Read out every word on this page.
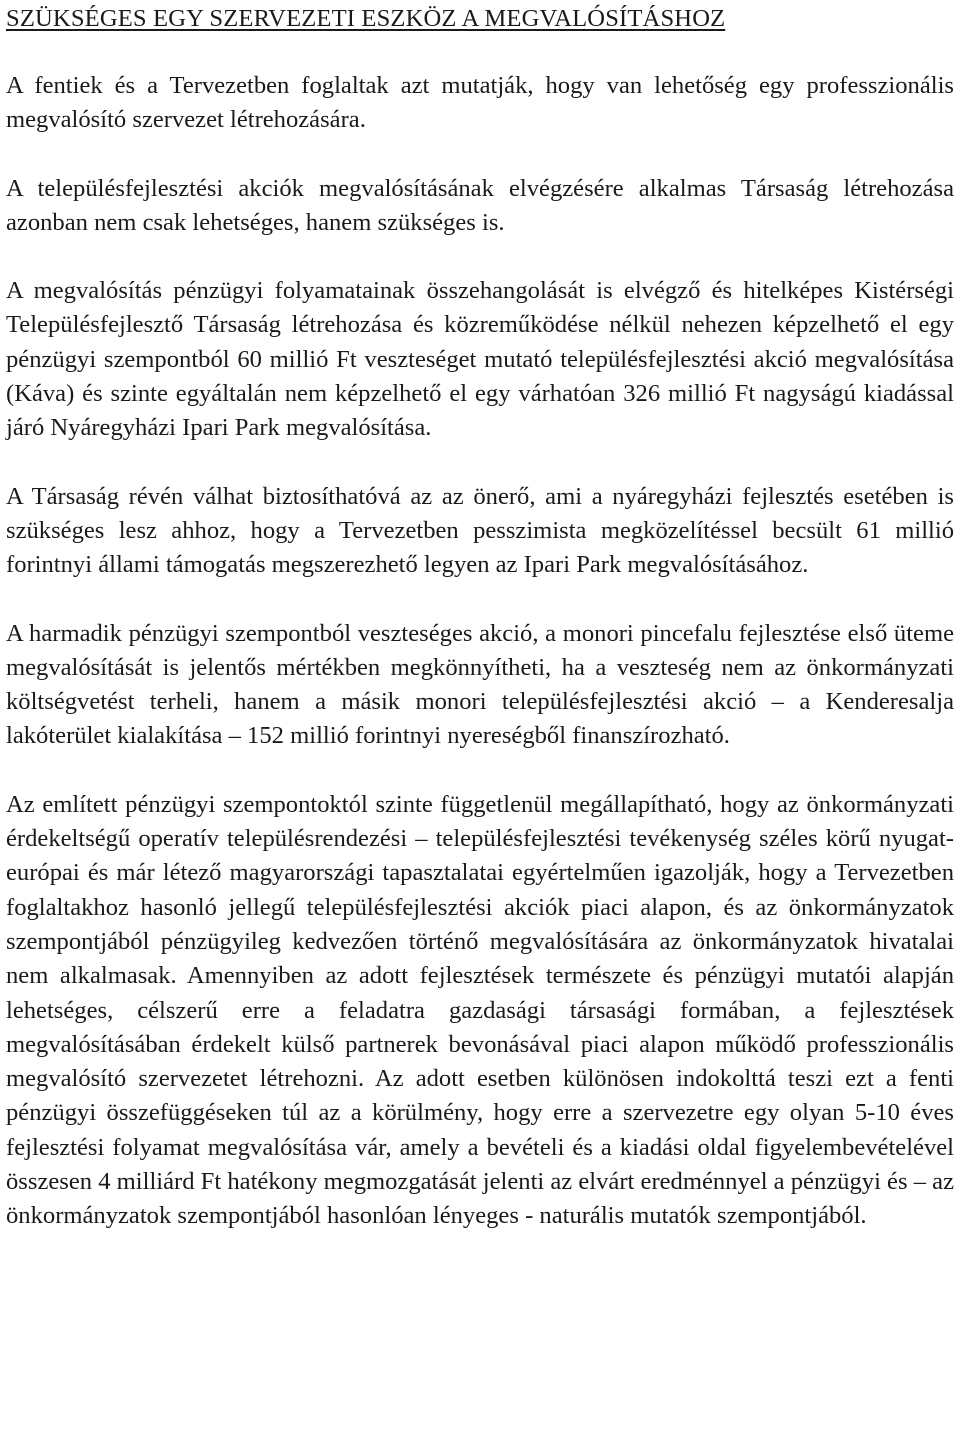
SZÜKSÉGES EGY SZERVEZETI ESZKÖZ A MEGVALÓSÍTÁSHOZ

A fentiek és a Tervezetben foglaltak azt mutatják, hogy van lehetőség egy professzionális megvalósító szervezet létrehozására.

A településfejlesztési akciók megvalósításának elvégzésére alkalmas Társaság létrehozása azonban nem csak lehetséges, hanem szükséges is.

A megvalósítás pénzügyi folyamatainak összehangolását is elvégző és hitelképes Kistérségi Településfejlesztő Társaság létrehozása és közreműködése nélkül nehezen képzelhető el egy pénzügyi szempontból 60 millió Ft veszteséget mutató településfejlesztési akció megvalósítása (Káva) és szinte egyáltalán nem képzelhető el egy várhatóan 326 millió Ft nagyságú kiadással járó Nyáregyházi Ipari Park megvalósítása.

A Társaság révén válhat biztosíthatóvá az az önerő, ami a nyáregyházi fejlesztés esetében is szükséges lesz ahhoz, hogy a Tervezetben pesszimista megközelítéssel becsült 61 millió forintnyi állami támogatás megszerezhető legyen az Ipari Park megvalósításához.

A harmadik pénzügyi szempontból veszteséges akció, a monori pincefalu fejlesztése első üteme megvalósítását is jelentős mértékben megkönnyítheti, ha a veszteség nem az önkormányzati költségvetést terheli, hanem a másik monori településfejlesztési akció – a Kenderesalja lakóterület kialakítása – 152 millió forintnyi nyereségből finanszírozható.

Az említett pénzügyi szempontoktól szinte függetlenül megállapítható, hogy az önkormányzati érdekeltségű operatív településrendezési – településfejlesztési tevékenység széles körű nyugat- európai és már létező magyarországi tapasztalatai egyértelműen igazolják, hogy a Tervezetben foglaltakhoz hasonló jellegű településfejlesztési akciók piaci alapon, és az önkormányzatok szempontjából pénzügyileg kedvezően történő megvalósítására az önkormányzatok hivatalai nem alkalmasak. Amennyiben az adott fejlesztések természete és pénzügyi mutatói alapján lehetséges, célszerű erre a feladatra gazdasági társasági formában, a fejlesztések megvalósításában érdekelt külső partnerek bevonásával piaci alapon működő professzionális megvalósító szervezetet létrehozni. Az adott esetben különösen indokolttá teszi ezt a fenti pénzügyi összefüggéseken túl az a körülmény, hogy erre a szervezetre egy olyan 5-10 éves fejlesztési folyamat megvalósítása vár, amely a bevételi és a kiadási oldal figyelembevételével összesen 4 milliárd Ft hatékony megmozgatását jelenti az elvárt eredménnyel a pénzügyi és – az önkormányzatok szempontjából hasonlóan lényeges - naturális mutatók szempontjából.
